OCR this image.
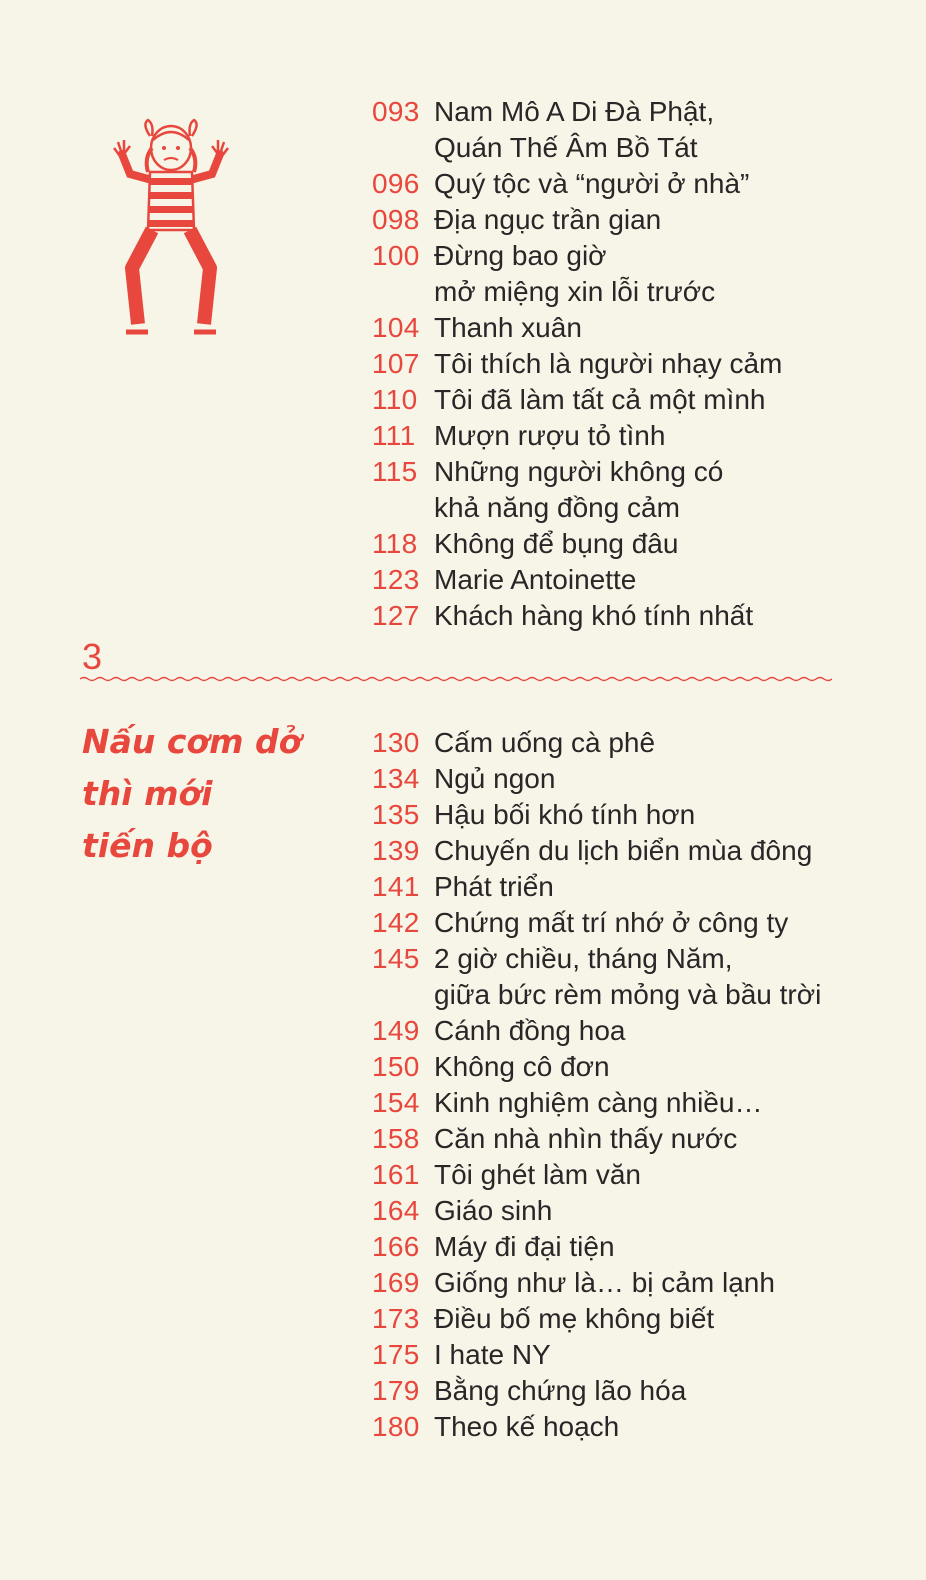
093 Nam Mô A Di Đà Phật,
Quán Thế Âm Bồ Tát
096 Quý tộc và “người ở nhà”
098 Địa ngục trần gian
100 Đừng bao giờ
mở miệng xin lỗi trước
104 Thanh xuân
107 Tôi thích là người nhạy cảm
110 Tôi đã làm tất cả một mình
111 Mượn rượu tỏ tình
115 Những người không có
khả năng đồng cảm
118 Không để bụng đâu
123 Marie Antoinette
127 Khách hàng khó tính nhất
3
Nấu cơm dở
thì mới
tiến bộ
130 Cấm uống cà phê
134 Ngủ ngon
135 Hậu bối khó tính hơn
139 Chuyến du lịch biển mùa đông
141 Phát triển
142 Chứng mất trí nhớ ở công ty
145 2 giờ chiều, tháng Năm,
giữa bức rèm mỏng và bầu trời
149 Cánh đồng hoa
150 Không cô đơn
154 Kinh nghiệm càng nhiều…
158 Căn nhà nhìn thấy nước
161 Tôi ghét làm văn
164 Giáo sinh
166 Máy đi đại tiện
169 Giống như là… bị cảm lạnh
173 Điều bố mẹ không biết
175 I hate NY
179 Bằng chứng lão hóa
180 Theo kế hoạch
